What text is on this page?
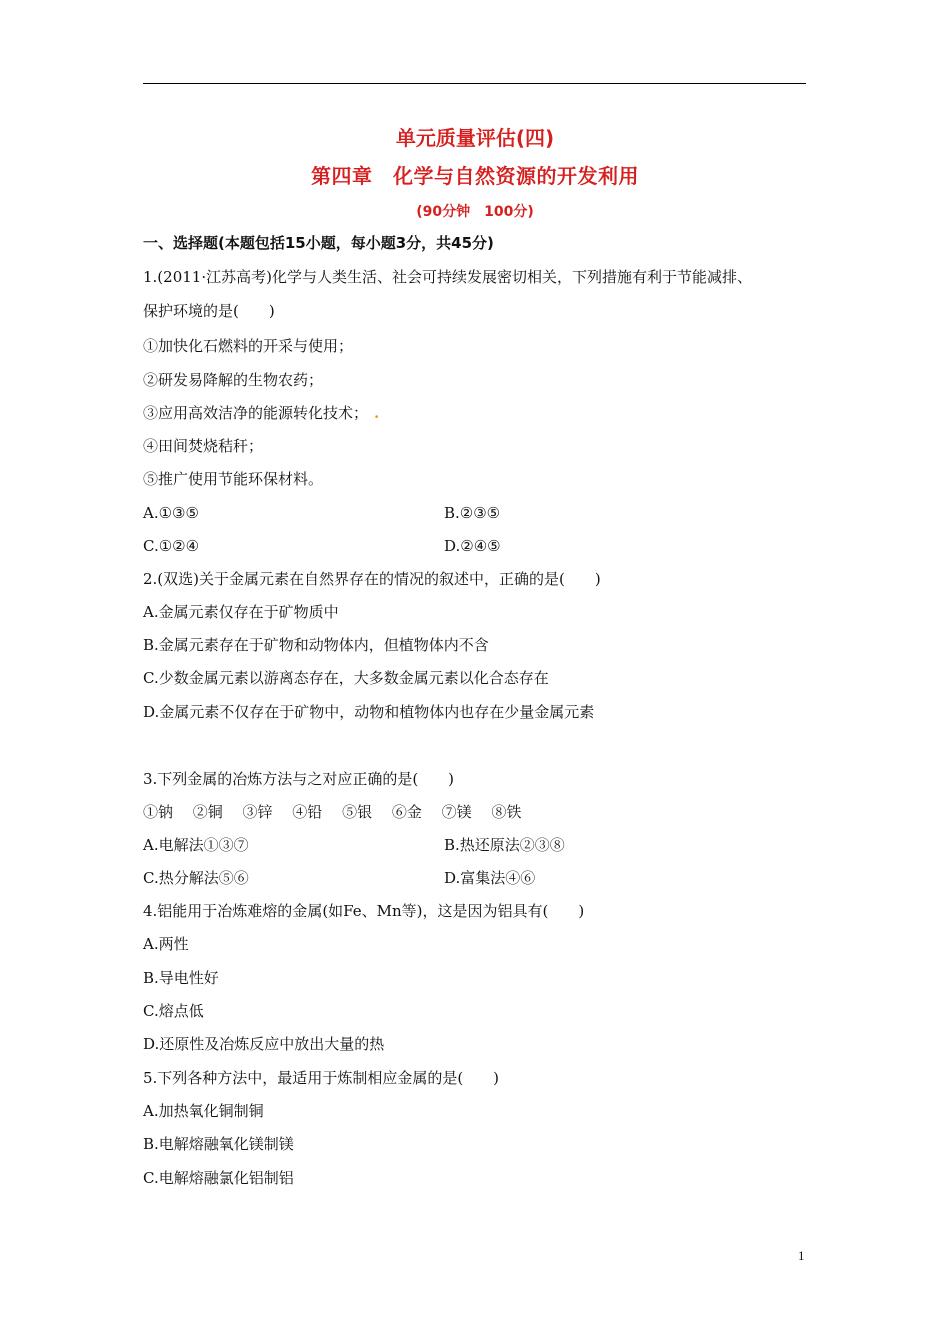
单元质量评估(四)
第四章　化学与自然资源的开发利用
(90分钟　100分)
一、选择题(本题包括15小题，每小题3分，共45分)
1.(2011·江苏高考)化学与人类生活、社会可持续发展密切相关，下列措施有利于节能减排、
保护环境的是(　　)
①加快化石燃料的开采与使用；
②研发易降解的生物农药；
③应用高效洁净的能源转化技术； .
④田间焚烧秸秆；
⑤推广使用节能环保材料。
A.①③⑤	B.②③⑤
C.①②④	D.②④⑤
2.(双选)关于金属元素在自然界存在的情况的叙述中，正确的是(　　)
A.金属元素仅存在于矿物质中
B.金属元素存在于矿物和动物体内，但植物体内不含
C.少数金属元素以游离态存在，大多数金属元素以化合态存在
D.金属元素不仅存在于矿物中，动物和植物体内也存在少量金属元素
3.下列金属的冶炼方法与之对应正确的是(　　)
①钠　 ②铜　 ③锌　 ④铅　 ⑤银　 ⑥金　 ⑦镁　 ⑧铁
A.电解法①③⑦	B.热还原法②③⑧
C.热分解法⑤⑥	D.富集法④⑥
4.铝能用于冶炼难熔的金属(如Fe、Mn等)，这是因为铝具有(　　)
A.两性
B.导电性好
C.熔点低
D.还原性及冶炼反应中放出大量的热
5.下列各种方法中，最适用于炼制相应金属的是(　　)
A.加热氧化铜制铜
B.电解熔融氧化镁制镁
C.电解熔融氯化铝制铝
1
